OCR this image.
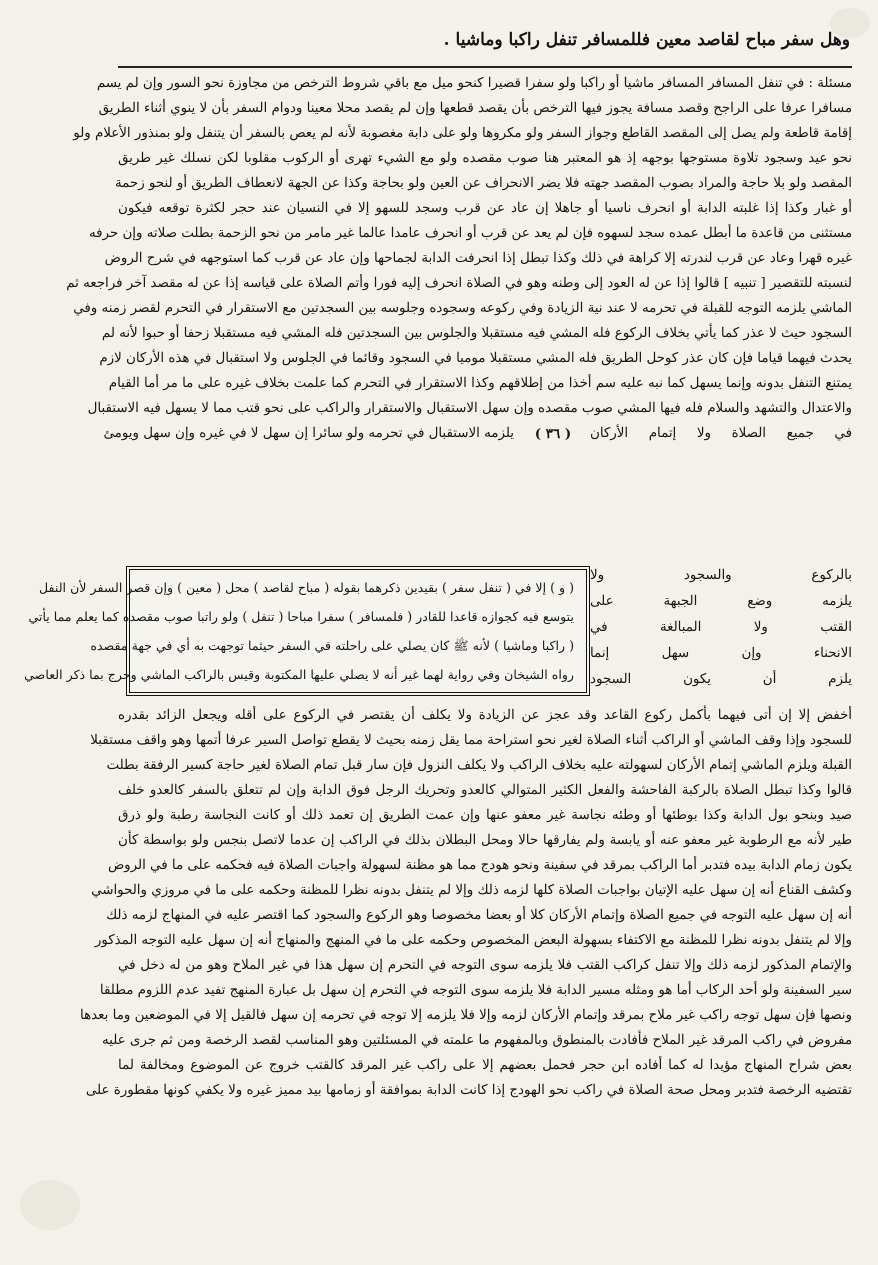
وهل سفر مباح لقاصد معين فللمسافر تنفل راكبا وماشيا .
مسئلة : في تنفل المسافر المسافر ماشيا أو راكبا ولو سفرا قصيرا كنحو ميل مع باقي شروط الترخص من مجاوزة نحو السور وإن لم يسم
مسافرا عرفا على الراجح وقصد مسافة يجوز فيها الترخص بأن يقصد قطعها وإن لم يقصد محلا معينا ودوام السفر بأن لا ينوي أثناء الطريق
إقامة قاطعة ولم يصل إلى المقصد القاطع وجواز السفر ولو مكروها ولو على دابة مغصوبة لأنه لم يعص بالسفر أن يتنفل ولو بمنذور الأعلام ولو
نحو عيد وسجود تلاوة مستوجها بوجهه إذ هو المعتبر هنا صوب مقصده ولو مع الشيء تهرى أو الركوب مقلوبا لكن نسلك غير طريق
المقصد ولو بلا حاجة والمراد بصوب المقصد جهته فلا يضر الانحراف عن العين ولو بحاجة وكذا عن الجهة لانعطاف الطريق أو لنحو زحمة
أو غبار وكذا إذا غلبته الدابة أو انحرف ناسيا أو جاهلا إن عاد عن قرب وسجد للسهو إلا في النسيان عند حجر لكثرة توقعه فيكون
مستثنى من قاعدة ما أبطل عمده سجد لسهوه فإن لم يعد عن قرب أو انحرف عامدا عالما غير مامر من نحو الزحمة بطلت صلاته وإن حرفه
غيره قهرا وعاد عن قرب لندرته إلا كراهة في ذلك وكذا تبطل إذا انحرفت الدابة لجماحها وإن عاد عن قرب كما استوجهه في شرح الروض
لنسبته للتقصير [ تنبيه ] قالوا إذا عن له العود إلى وطنه وهو في الصلاة انحرف إليه فورا وأتم الصلاة على قياسه إذا عن له مقصد آخر فراجعه ثم
الماشي يلزمه التوجه للقبلة في تحرمه لا عند نية الزيادة وفي ركوعه وسجوده وجلوسه بين السجدتين مع الاستقرار في التحرم لقصر زمنه وفي
السجود حيث لا عذر كما يأتي بخلاف الركوع فله المشي فيه مستقبلا والجلوس بين السجدتين فله المشي فيه مستقبلا زحفا أو حبوا لأنه لم
يحدث فيهما قياما فإن كان عذر كوحل الطريق فله المشي مستقبلا موميا في السجود وقائما في الجلوس ولا استقبال في هذه الأركان لازم
يمتنع التنفل بدونه وإنما يسهل كما نبه عليه سم أخذا من إطلاقهم وكذا الاستقرار في التحرم كما علمت بخلاف غيره على ما مر أما القيام
والاعتدال والتشهد والسلام فله فيها المشي صوب مقصده وإن سهل الاستقبال والاستقرار والراكب على نحو قتب مما لا يسهل فيه الاستقبال
في جميع الصلاة ولا إتمام الأركان
( ٣٦ )
يلزمه الاستقبال في تحرمه ولو سائرا إن سهل لا في غيره وإن سهل ويومئ
بالركوع والسجود ولا
يلزمه وضع الجبهة على
القتب ولا المبالغة في
الانحناء وإن سهل إنما
يلزم أن يكون السجود
أخفض إلا إن أتى فيهما بأكمل ركوع القاعد وقد عجز عن الزيادة ولا يكلف أن يقتصر في الركوع على أقله ويجعل الزائد بقدره
للسجود وإذا وقف الماشي أو الراكب أثناء الصلاة لغير نحو استراحة مما يقل زمنه بحيث لا يقطع تواصل السير عرفا أتمها وهو واقف مستقبلا
القبلة ويلزم الماشي إتمام الأركان لسهولته عليه بخلاف الراكب ولا يكلف النزول فإن سار قبل تمام الصلاة لغير حاجة كسير الرفقة بطلت
قالوا وكذا تبطل الصلاة بالركبة الفاحشة والفعل الكثير المتوالي كالعدو وتحريك الرجل فوق الدابة وإن لم تتعلق بالسفر كالعدو خلف
صيد وبنحو بول الدابة وكذا بوطئها أو وطئه نجاسة غير معفو عنها وإن عمت الطريق إن تعمد ذلك أو كانت النجاسة رطبة ولو ذرق
طير لأنه مع الرطوبة غير معفو عنه أو يابسة ولم يفارقها حالا ومحل البطلان بذلك في الراكب إن عدما لاتصل بنجس ولو بواسطة كأن
يكون زمام الدابة بيده فتدبر أما الراكب بمرقد في سفينة ونحو هودج مما هو مظنة لسهولة واجبات الصلاة فيه فحكمه على ما في الروض
وكشف القناع أنه إن سهل عليه الإتيان بواجبات الصلاة كلها لزمه ذلك وإلا لم يتنفل بدونه نظرا للمظنة وحكمه على ما في مروزي والحواشي
أنه إن سهل عليه التوجه في جميع الصلاة وإتمام الأركان كلا أو بعضا مخصوصا وهو الركوع والسجود كما اقتصر عليه في المنهاج لزمه ذلك
وإلا لم يتنفل بدونه نظرا للمظنة مع الاكتفاء بسهولة البعض المخصوص وحكمه على ما في المنهج والمنهاج أنه إن سهل عليه التوجه المذكور
والإتمام المذكور لزمه ذلك وإلا تنفل كراكب القتب فلا يلزمه سوى التوجه في التحرم إن سهل هذا في غير الملاح وهو من له دخل في
سير السفينة ولو أحد الركاب أما هو ومثله مسير الدابة فلا يلزمه سوى التوجه في التحرم إن سهل بل عبارة المنهج تفيد عدم اللزوم مطلقا
ونصها فإن سهل توجه راكب غير ملاح بمرقد وإتمام الأركان لزمه وإلا فلا يلزمه إلا توجه في تحرمه إن سهل فالقيل إلا في الموضعين وما بعدها
مفروض في راكب المرقد غير الملاح فأفادت بالمنطوق وبالمفهوم ما علمته في المسئلتين وهو المناسب لقصد الرخصة ومن ثم جرى عليه
بعض شراح المنهاج مؤيدا له كما أفاده ابن حجر فحمل بعضهم إلا على راكب غير المرقد كالقتب خروج عن الموضوع ومخالفة لما
تقتضيه الرخصة فتدبر ومحل صحة الصلاة في راكب نحو الهودج إذا كانت الدابة بموافقة أو زمامها بيد مميز غيره ولا يكفي كونها مقطورة على
( و ) إلا في ( تنفل سفر ) بقيدين ذكرهما بقوله ( مباح لقاصد ) محل ( معين ) وإن قصر السفر لأن النفل
يتوسع فيه كجوازه قاعدا للقادر ( فلمسافر ) سفرا مباحا ( تنفل ) ولو راتبا صوب مقصده كما يعلم مما يأتي
( راكبا وماشيا ) لأنه ﷺ كان يصلي على راحلته في السفر حيثما توجهت به أي في جهة مقصده
رواه الشيخان وفي رواية لهما غير أنه لا يصلي عليها المكتوبة وقيس بالراكب الماشي وخرج بما ذكر العاصي
